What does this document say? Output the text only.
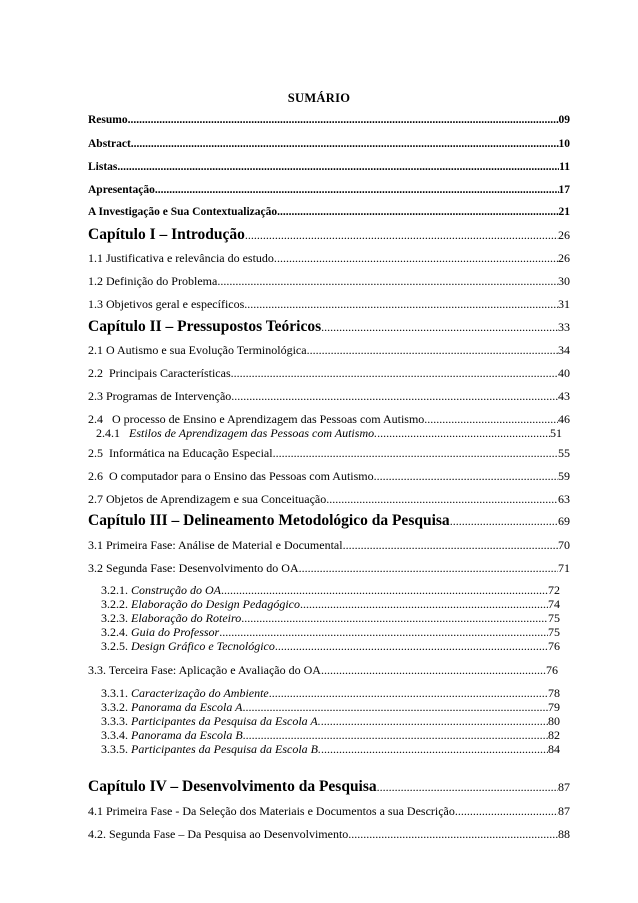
SUMÁRIO
Resumo .....	09
Abstract .....	10
Listas .....	11
Apresentação .....	17
A Investigação e Sua Contextualização .....	21
Capítulo I – Introdução .....	26
1.1 Justificativa e relevância do estudo. .....	26
1.2 Definição do Problema .....	30
1.3 Objetivos geral e específicos .....	31
Capítulo II – Pressupostos Teóricos .....	33
2.1 O Autismo e sua Evolução Terminológica .....	34
2.2  Principais Características .....	40
2.3 Programas de Intervenção .....	43
2.4   O processo de Ensino e Aprendizagem das Pessoas com Autismo .....	46
2.4.1 Estilos de Aprendizagem das Pessoas com Autismo. .....	51
2.5  Informática na Educação Especial .....	55
2.6  O computador para o Ensino das Pessoas com Autismo .....	59
2.7 Objetos de Aprendizagem e sua Conceituação .....	63
Capítulo III – Delineamento Metodológico da Pesquisa .....	69
3.1 Primeira Fase: Análise de Material e Documental .....	70
3.2 Segunda Fase: Desenvolvimento do OA .....	71
3.2.1. Construção do OA .....	72
3.2.2. Elaboração do Design Pedagógico .....	74
3.2.3. Elaboração do Roteiro .....	75
3.2.4. Guia do Professor .....	75
3.2.5. Design Gráfico e Tecnológico .....	76
3.3. Terceira Fase: Aplicação e Avaliação do OA .....	76
3.3.1. Caracterização do Ambiente .....	78
3.3.2. Panorama da Escola A .....	79
3.3.3. Participantes da Pesquisa da Escola A. .....	80
3.3.4. Panorama da Escola B .....	82
3.3.5. Participantes da Pesquisa da Escola B. .....	84
Capítulo IV – Desenvolvimento da Pesquisa .....	87
4.1 Primeira Fase - Da Seleção dos Materiais e Documentos a sua Descrição .....	87
4.2. Segunda Fase – Da Pesquisa ao Desenvolvimento .....	88
